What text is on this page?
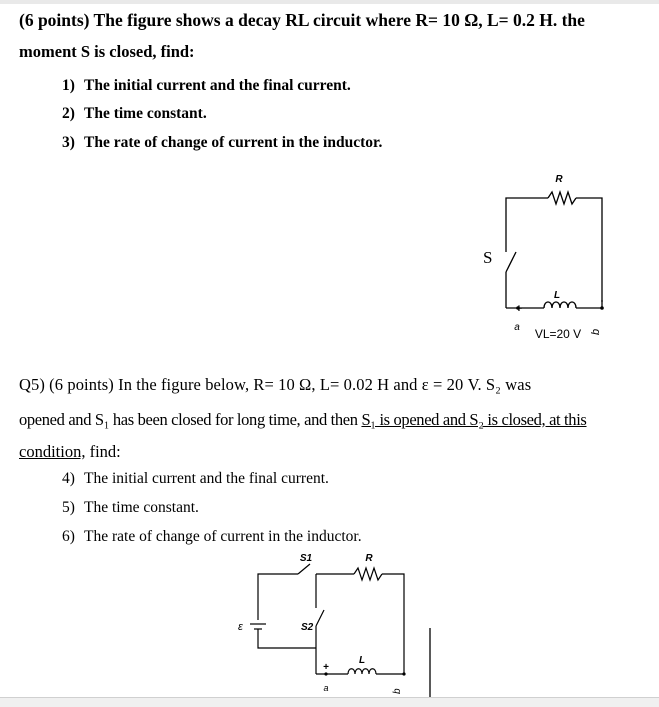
(6 points) The figure shows a decay RL circuit where R= 10 Ω, L= 0.2 H. the
moment S is closed, find:
1) The initial current and the final current.
2) The time constant.
3) The rate of change of current in the inductor.
R
S
L
VL=20 V
a	b
+	-
Q5) (6 points) In the figure below, R= 10 Ω, L= 0.02 H and ε = 20 V. S₂ was
opened and S₁ has been closed for long time, and then S₁ is opened and S₂ is closed, at this
condition, find:
4) The initial current and the final current.
5) The time constant.
6) The rate of change of current in the inductor.
S1	R
S2
ε
L
a	b
+
-
